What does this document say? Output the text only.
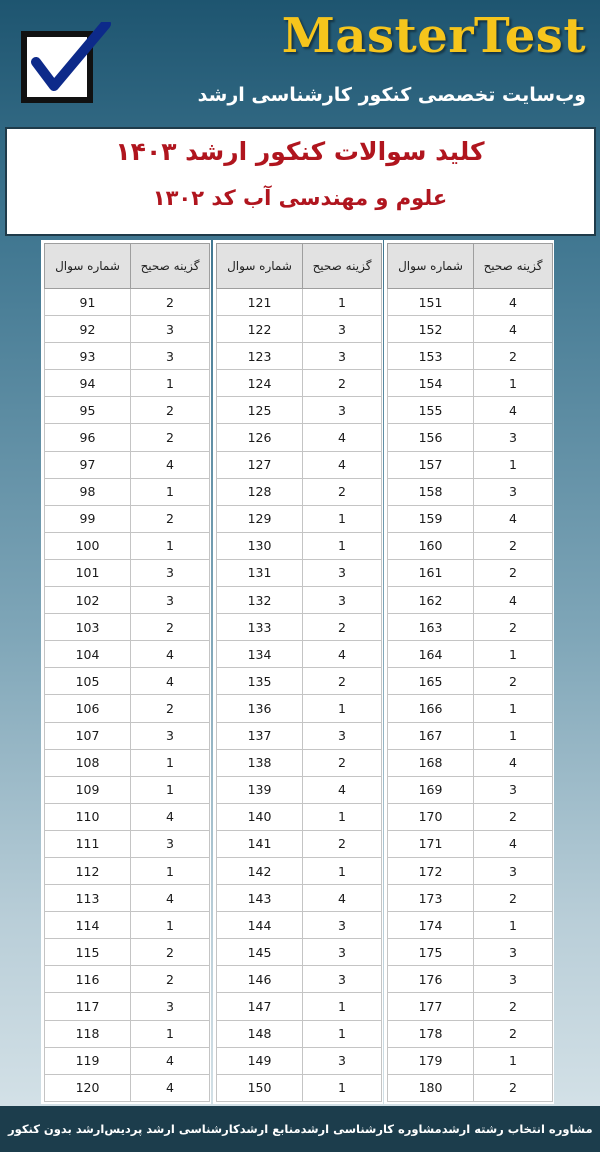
MasterTest
وب‌سایت تخصصی کنکور کارشناسی ارشد
کلید سوالات کنکور ارشد ۱۴۰۳
علوم و مهندسی آب کد ۱۳۰۲
گزینه صحیح	شماره سوال
4	151
4	152
2	153
1	154
4	155
3	156
1	157
3	158
4	159
2	160
2	161
4	162
2	163
1	164
2	165
1	166
1	167
4	168
3	169
2	170
4	171
3	172
2	173
1	174
3	175
3	176
2	177
2	178
1	179
2	180
گزینه صحیح	شماره سوال
1	121
3	122
3	123
2	124
3	125
4	126
4	127
2	128
1	129
1	130
3	131
3	132
2	133
4	134
2	135
1	136
3	137
2	138
4	139
1	140
2	141
1	142
4	143
3	144
3	145
3	146
1	147
1	148
3	149
1	150
گزینه صحیح	شماره سوال
2	91
3	92
3	93
1	94
2	95
2	96
4	97
1	98
2	99
1	100
3	101
3	102
2	103
4	104
4	105
2	106
3	107
1	108
1	109
4	110
3	111
1	112
4	113
1	114
2	115
2	116
3	117
1	118
4	119
4	120
ارشد بدون کنکور کارشناسی ارشد پردیس منابع ارشد مشاوره کارشناسی ارشد مشاوره انتخاب رشته ارشد
